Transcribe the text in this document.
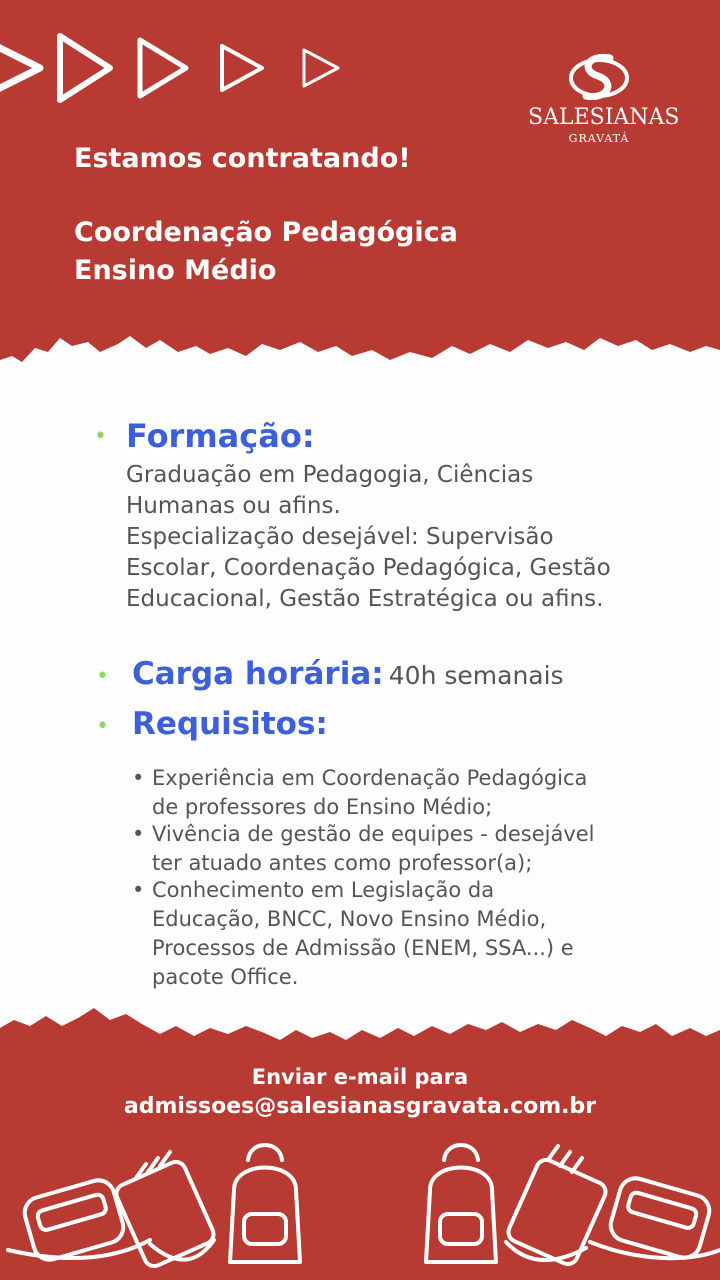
SALESIANAS
GRAVATÁ
Estamos contratando!
Coordenação Pedagógica
Ensino Médio
• Formação:
Graduação em Pedagogia, Ciências
Humanas ou afins.
Especialização desejável: Supervisão
Escolar, Coordenação Pedagógica, Gestão
Educacional, Gestão Estratégica ou afins.
• Carga horária: 40h semanais
• Requisitos:
• Experiência em Coordenação Pedagógica
de professores do Ensino Médio;
• Vivência de gestão de equipes - desejável
ter atuado antes como professor(a);
• Conhecimento em Legislação da
Educação, BNCC, Novo Ensino Médio,
Processos de Admissão (ENEM, SSA...) e
pacote Office.
Enviar e-mail para
admissoes@salesianasgravata.com.br
